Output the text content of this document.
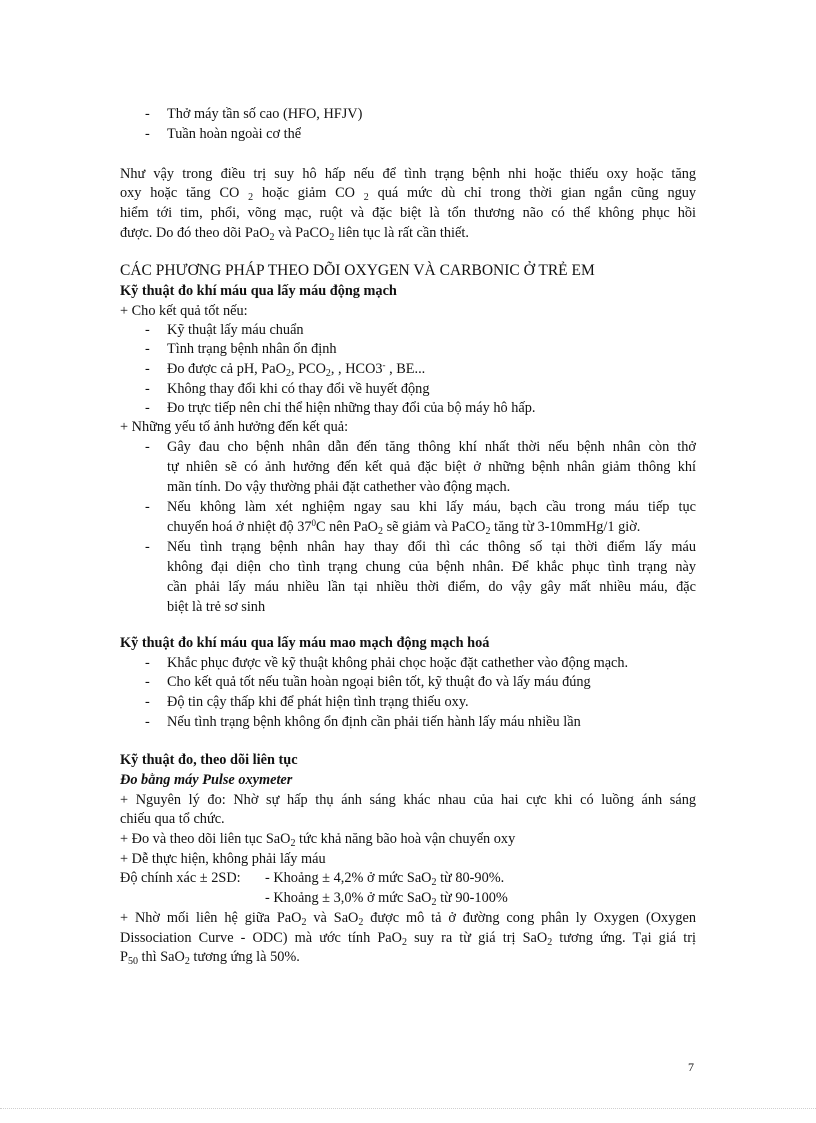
- Thở máy tần số cao (HFO, HFJV)
- Tuần hoàn ngoài cơ thể
Như vậy trong điều trị suy hô hấp nếu để tình trạng bệnh nhi hoặc thiếu oxy hoặc tăng
oxy hoặc tăng CO $_2$ hoặc giảm CO $_2$ quá mức dù chỉ trong thời gian ngắn cũng nguy
hiểm tới tim, phổi, võng mạc, ruột và đặc biệt là tổn thương não có thể không phục hồi
được. Do đó theo dõi PaO$_2$ và PaCO$_2$ liên tục là rất cần thiết.
CÁC PHƯƠNG PHÁP THEO DÕI OXYGEN VÀ CARBONIC Ở TRẺ EM
Kỹ thuật đo khí máu qua lấy máu động mạch
+ Cho kết quả tốt nếu:
- Kỹ thuật lấy máu chuẩn
- Tình trạng bệnh nhân ổn định
- Đo được cả pH, PaO$_2$, $PCO_2$, , HCO3- , BE...
- Không thay đổi khi có thay đổi về huyết động
- Đo trực tiếp nên chỉ thể hiện những thay đổi của bộ máy hô hấp.
+ Những yếu tố ảnh hưởng đến kết quả:
- Gây đau cho bệnh nhân dẫn đến tăng thông khí nhất thời nếu bệnh nhân còn thở
tự nhiên sẽ có ảnh hưởng đến kết quả đặc biệt ở những bệnh nhân giảm thông khí
mãn tính. Do vậy thường phải đặt cathether vào động mạch.
- Nếu không làm xét nghiệm ngay sau khi lấy máu, bạch cầu trong máu tiếp tục
chuyển hoá ở nhiệt độ $37^0C$ nên PaO$_2$ sẽ giảm và PaCO$_2$ tăng từ 3-10mmHg/1 giờ.
- Nếu tình trạng bệnh nhân hay thay đổi thì các thông số tại thời điểm lấy máu
không đại diện cho tình trạng chung của bệnh nhân. Để khắc phục tình trạng này
cần phải lấy máu nhiều lần tại nhiều thời điểm, do vậy gây mất nhiều máu, đặc
biệt là trẻ sơ sinh
Kỹ thuật đo khí máu qua lấy máu mao mạch động mạch hoá
- Khắc phục được về kỹ thuật không phải chọc hoặc đặt cathether vào động mạch.
- Cho kết quả tốt nếu tuần hoàn ngoại biên tốt, kỹ thuật đo và lấy máu đúng
- Độ tin cậy thấp khi để phát hiện tình trạng thiếu oxy.
- Nếu tình trạng bệnh không ổn định cần phải tiến hành lấy máu nhiều lần
Kỹ thuật đo, theo dõi liên tục
Đo bằng máy Pulse oxymeter
+ Nguyên lý đo: Nhờ sự hấp thụ ánh sáng khác nhau của hai cực khi có luồng ánh sáng
chiếu qua tổ chức.
+ Đo và theo dõi liên tục SaO$_2$ tức khả năng bão hoà vận chuyển oxy
+ Dễ thực hiện, không phải lấy máu
Độ chính xác ± 2SD: - Khoảng ± 4,2% ở mức SaO$_2$ từ 80-90%.
- Khoảng ± 3,0% ở mức SaO$_2$ từ 90-100%
+ Nhờ mối liên hệ giữa PaO$_2$ và SaO$_2$ được mô tả ở đường cong phân ly Oxygen (Oxygen
Dissociation Curve - ODC) mà ước tính PaO$_2$ suy ra từ giá trị SaO$_2$ tương ứng. Tại giá trị
$P_{50}$ thì SaO$_2$ tương ứng là 50%.
7
